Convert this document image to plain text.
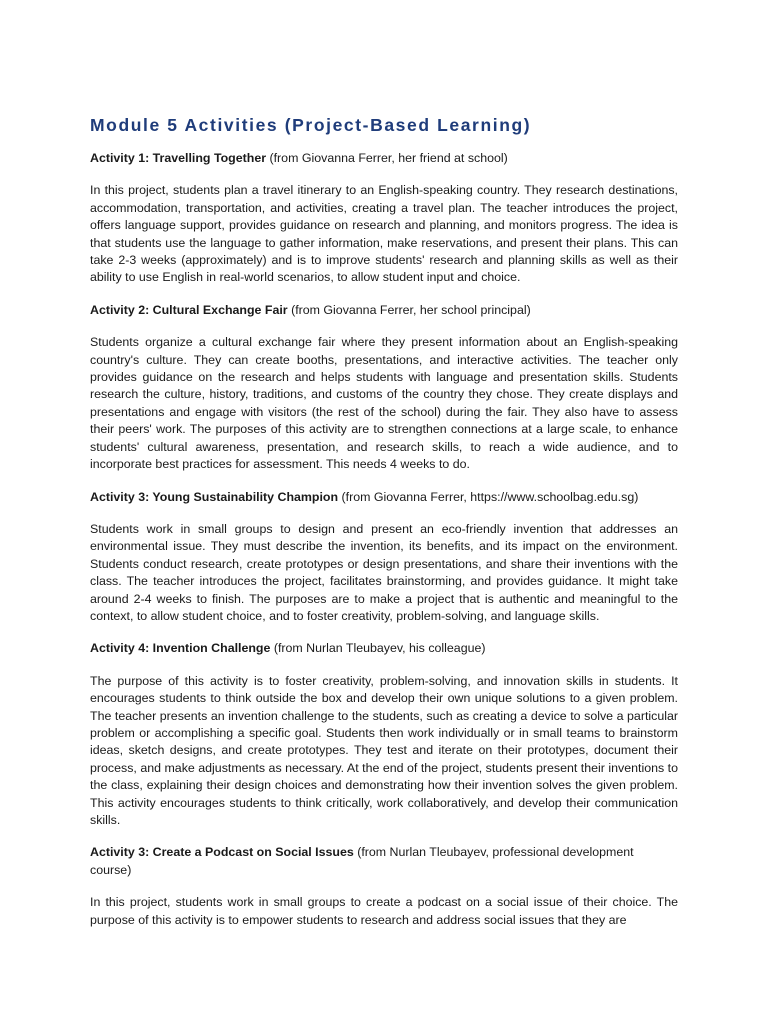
Module 5 Activities (Project-Based Learning)

Activity 1: Travelling Together (from Giovanna Ferrer, her friend at school)

In this project, students plan a travel itinerary to an English-speaking country. They research destinations, accommodation, transportation, and activities, creating a travel plan. The teacher introduces the project, offers language support, provides guidance on research and planning, and monitors progress. The idea is that students use the language to gather information, make reservations, and present their plans. This can take 2-3 weeks (approximately) and is to improve students' research and planning skills as well as their ability to use English in real-world scenarios, to allow student input and choice.

Activity 2: Cultural Exchange Fair (from Giovanna Ferrer, her school principal)

Students organize a cultural exchange fair where they present information about an English-speaking country's culture. They can create booths, presentations, and interactive activities. The teacher only provides guidance on the research and helps students with language and presentation skills. Students research the culture, history, traditions, and customs of the country they chose. They create displays and presentations and engage with visitors (the rest of the school) during the fair. They also have to assess their peers' work. The purposes of this activity are to strengthen connections at a large scale, to enhance students' cultural awareness, presentation, and research skills, to reach a wide audience, and to incorporate best practices for assessment. This needs 4 weeks to do.

Activity 3: Young Sustainability Champion (from Giovanna Ferrer, https://www.schoolbag.edu.sg)

Students work in small groups to design and present an eco-friendly invention that addresses an environmental issue. They must describe the invention, its benefits, and its impact on the environment. Students conduct research, create prototypes or design presentations, and share their inventions with the class. The teacher introduces the project, facilitates brainstorming, and provides guidance. It might take around 2-4 weeks to finish. The purposes are to make a project that is authentic and meaningful to the context, to allow student choice, and to foster creativity, problem-solving, and language skills.

Activity 4: Invention Challenge (from Nurlan Tleubayev, his colleague)

The purpose of this activity is to foster creativity, problem-solving, and innovation skills in students. It encourages students to think outside the box and develop their own unique solutions to a given problem. The teacher presents an invention challenge to the students, such as creating a device to solve a particular problem or accomplishing a specific goal. Students then work individually or in small teams to brainstorm ideas, sketch designs, and create prototypes. They test and iterate on their prototypes, document their process, and make adjustments as necessary. At the end of the project, students present their inventions to the class, explaining their design choices and demonstrating how their invention solves the given problem. This activity encourages students to think critically, work collaboratively, and develop their communication skills.

Activity 3: Create a Podcast on Social Issues (from Nurlan Tleubayev, professional development course)

In this project, students work in small groups to create a podcast on a social issue of their choice. The purpose of this activity is to empower students to research and address social issues that they are
